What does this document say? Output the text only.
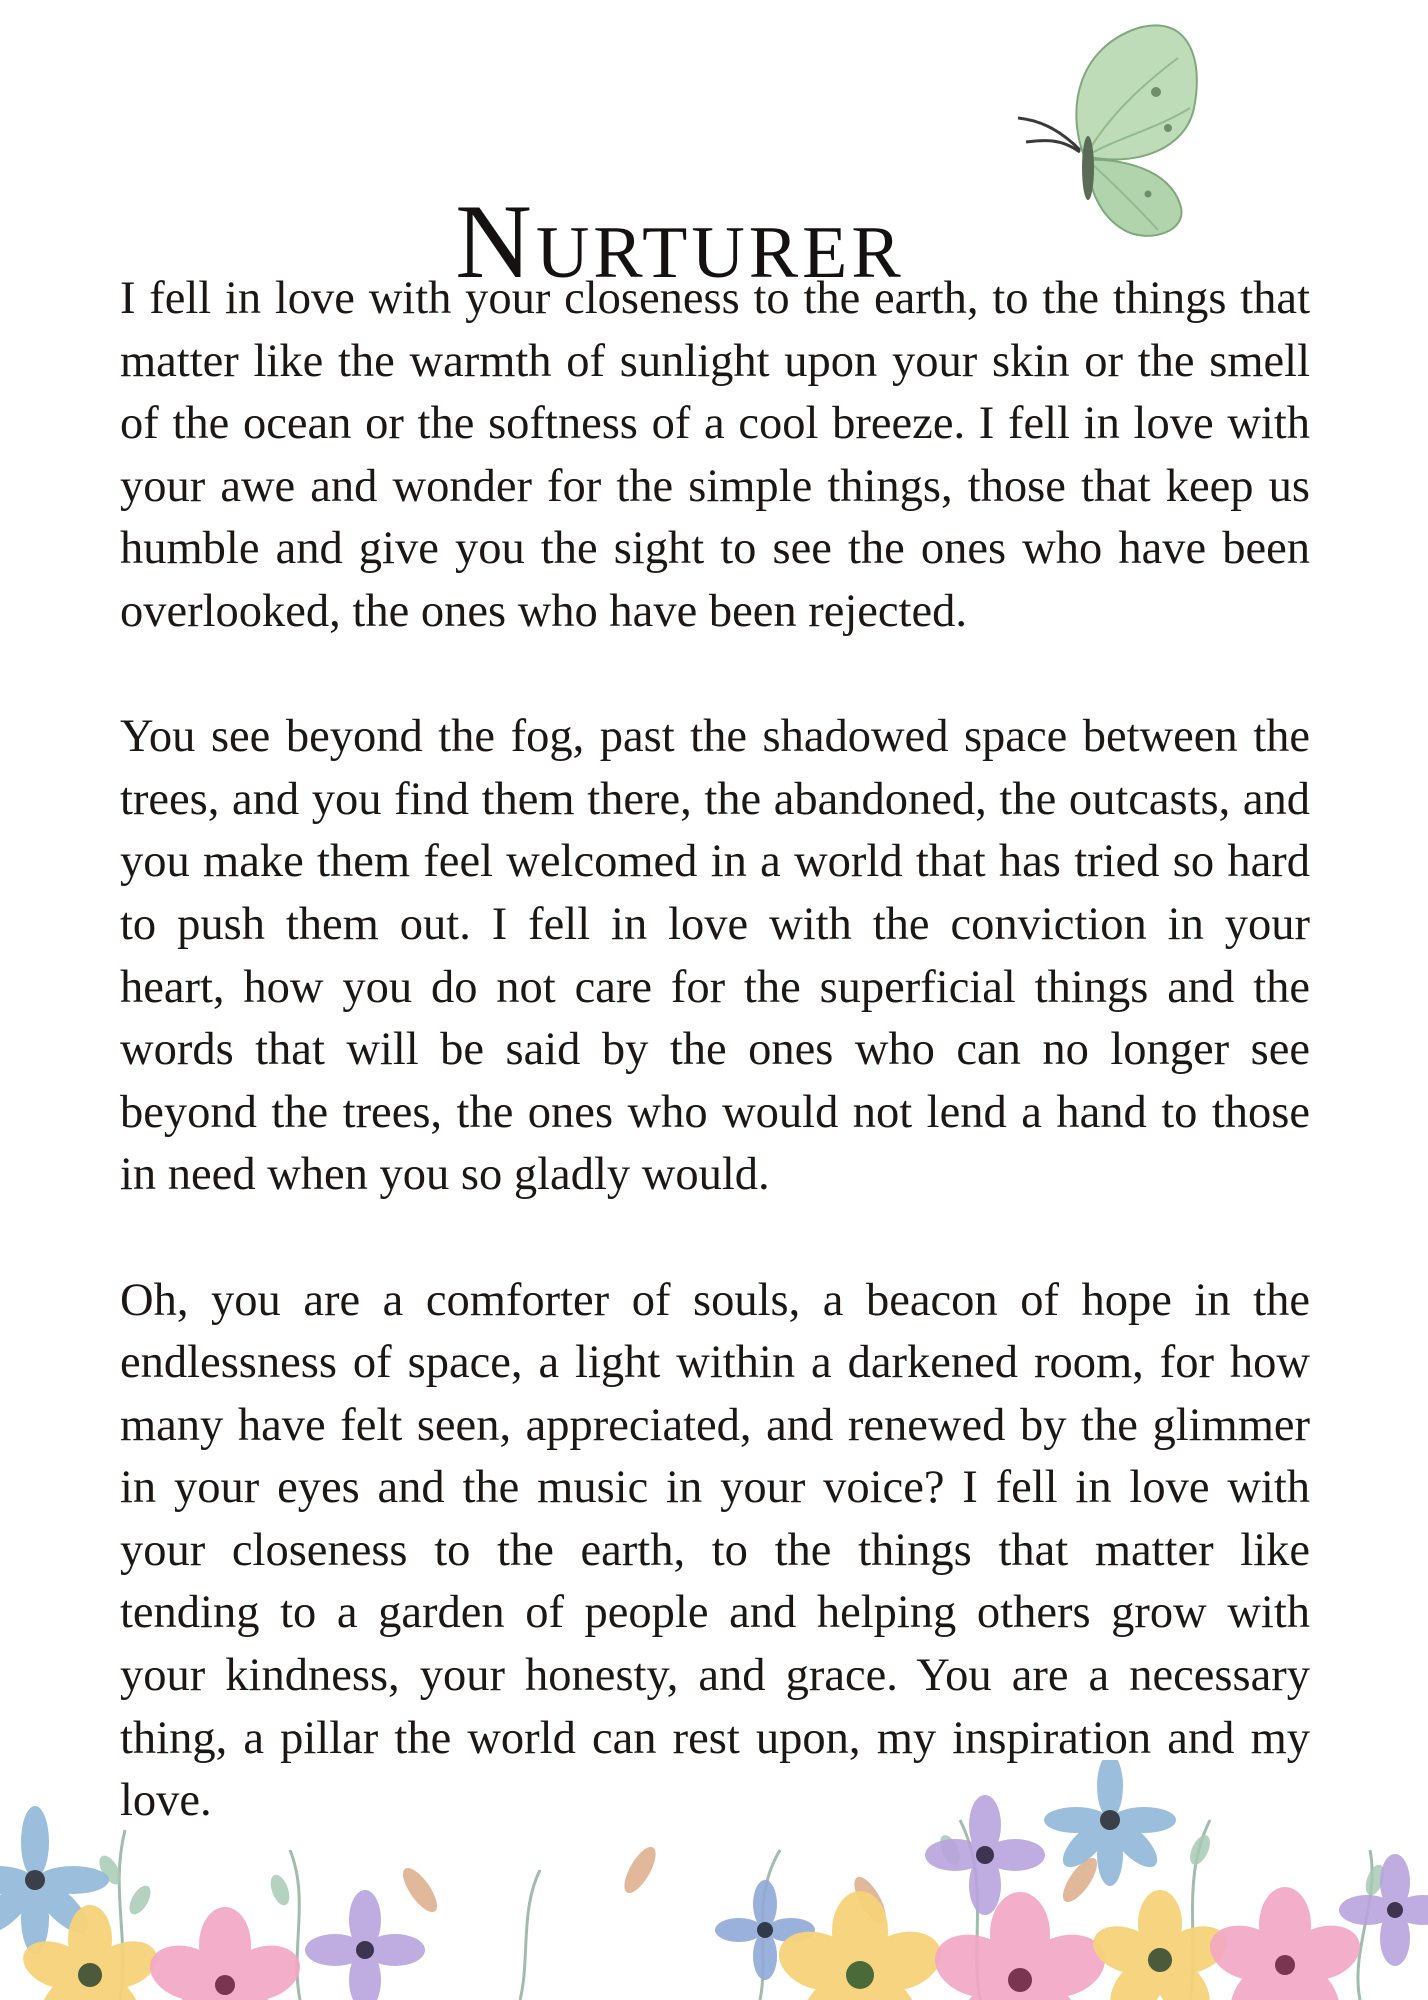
Nurturer

I fell in love with your closeness to the earth, to the things that matter like the warmth of sunlight upon your skin or the smell of the ocean or the softness of a cool breeze. I fell in love with your awe and wonder for the simple things, those that keep us humble and give you the sight to see the ones who have been overlooked, the ones who have been rejected.

You see beyond the fog, past the shadowed space between the trees, and you find them there, the abandoned, the outcasts, and you make them feel welcomed in a world that has tried so hard to push them out. I fell in love with the conviction in your heart, how you do not care for the superficial things and the words that will be said by the ones who can no longer see beyond the trees, the ones who would not lend a hand to those in need when you so gladly would.

Oh, you are a comforter of souls, a beacon of hope in the endlessness of space, a light within a darkened room, for how many have felt seen, appreciated, and renewed by the glimmer in your eyes and the music in your voice? I fell in love with your closeness to the earth, to the things that matter like tending to a garden of people and helping others grow with your kindness, your honesty, and grace. You are a necessary thing, a pillar the world can rest upon, my inspiration and my love.
